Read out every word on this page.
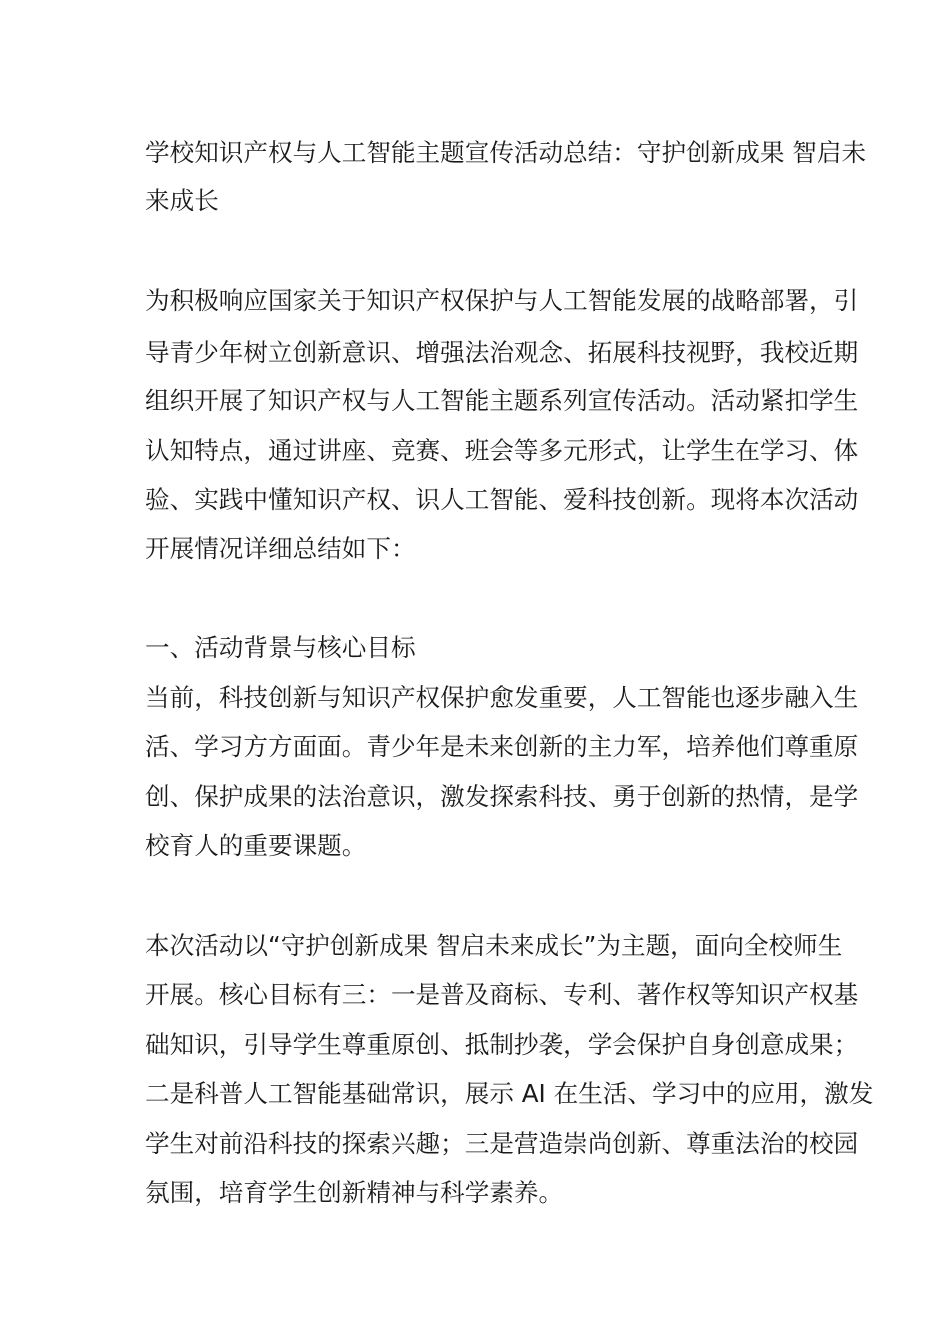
学校知识产权与人工智能主题宣传活动总结：守护创新成果 智启未
来成长
为积极响应国家关于知识产权保护与人工智能发展的战略部署，引
导青少年树立创新意识、增强法治观念、拓展科技视野，我校近期
组织开展了知识产权与人工智能主题系列宣传活动。活动紧扣学生
认知特点，通过讲座、竞赛、班会等多元形式，让学生在学习、体
验、实践中懂知识产权、识人工智能、爱科技创新。现将本次活动
开展情况详细总结如下：
一、活动背景与核心目标
当前，科技创新与知识产权保护愈发重要，人工智能也逐步融入生
活、学习方方面面。青少年是未来创新的主力军，培养他们尊重原
创、保护成果的法治意识，激发探索科技、勇于创新的热情，是学
校育人的重要课题。
本次活动以“守护创新成果 智启未来成长”为主题，面向全校师生
开展。核心目标有三：一是普及商标、专利、著作权等知识产权基
础知识，引导学生尊重原创、抵制抄袭，学会保护自身创意成果；
二是科普人工智能基础常识，展示 AI 在生活、学习中的应用，激发
学生对前沿科技的探索兴趣；三是营造崇尚创新、尊重法治的校园
氛围，培育学生创新精神与科学素养。
